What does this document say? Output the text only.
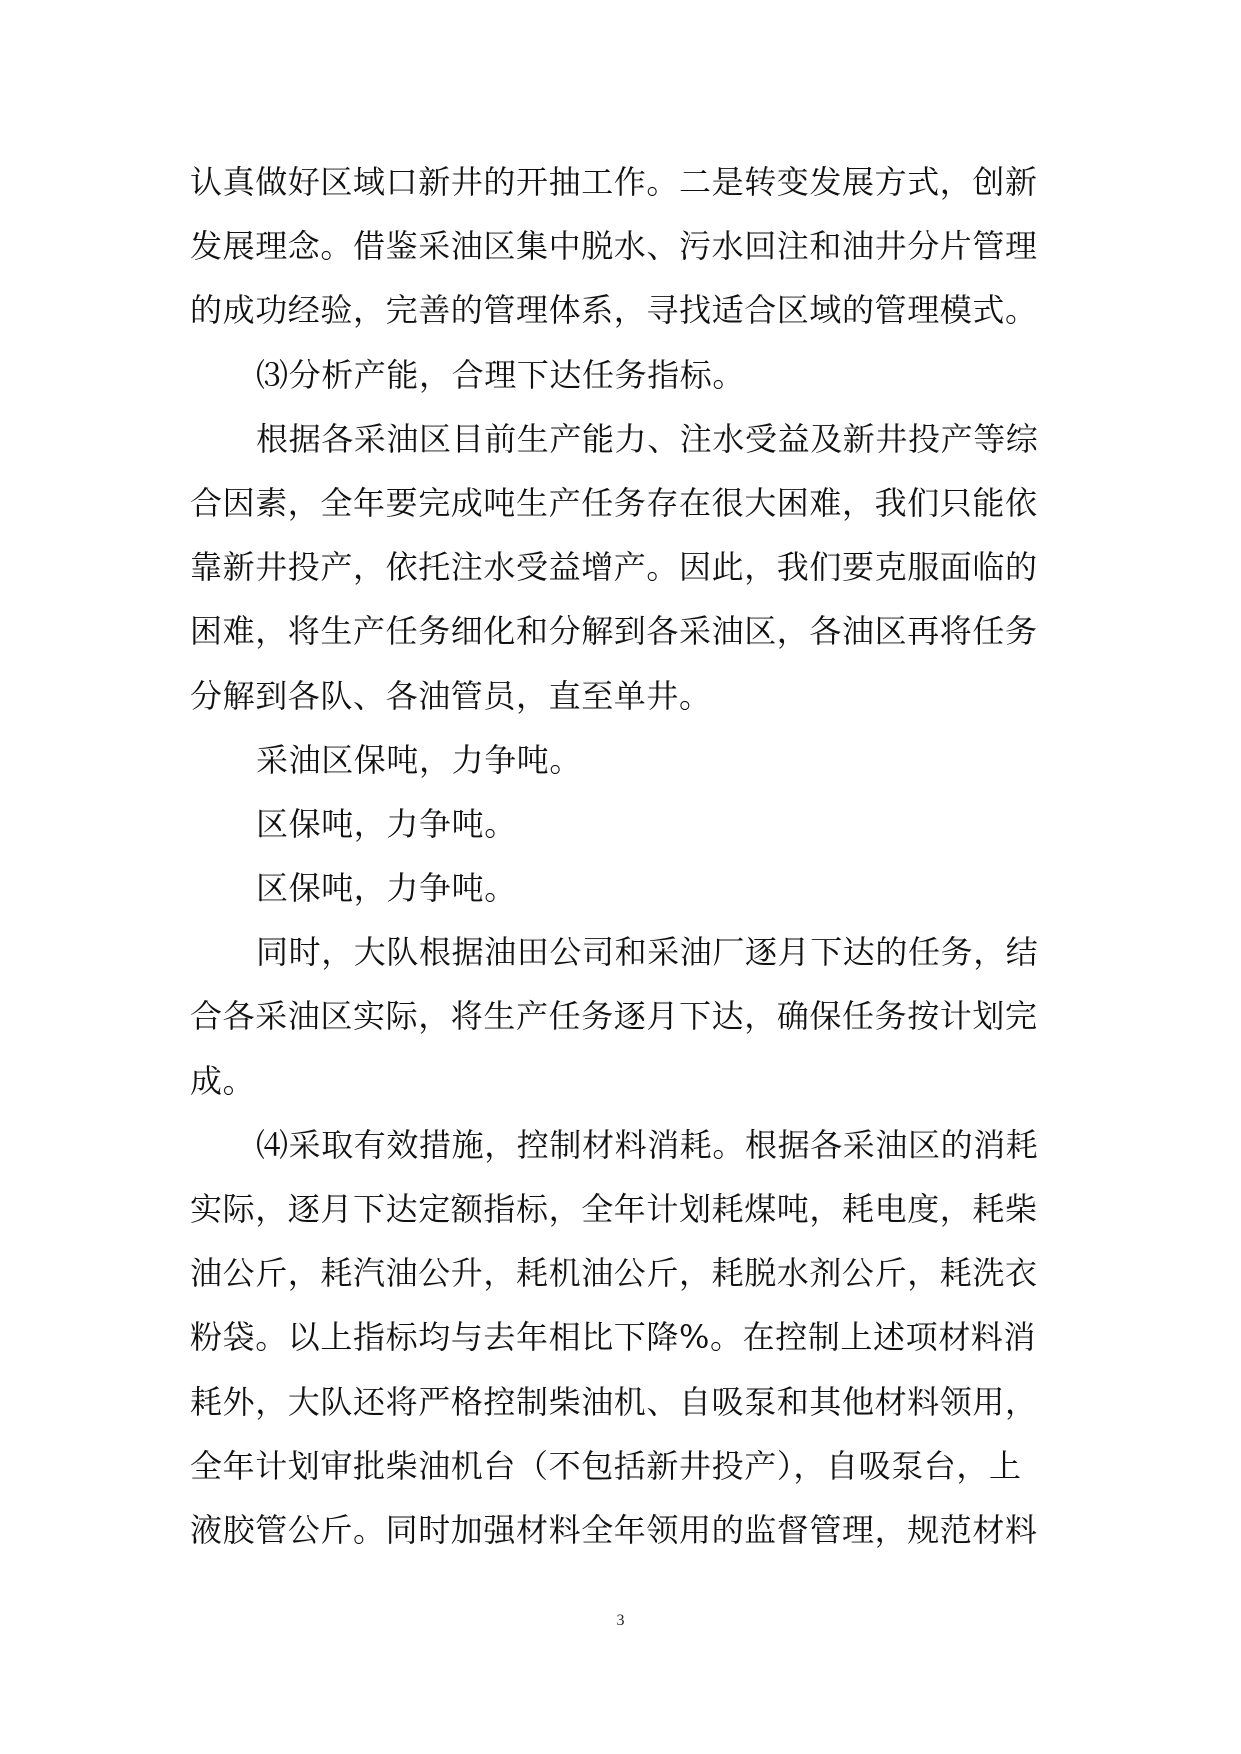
认真做好区域口新井的开抽工作。二是转变发展方式，创新
发展理念。借鉴采油区集中脱水、污水回注和油井分片管理
的成功经验，完善的管理体系，寻找适合区域的管理模式。
⑶分析产能，合理下达任务指标。
根据各采油区目前生产能力、注水受益及新井投产等综
合因素，全年要完成吨生产任务存在很大困难，我们只能依
靠新井投产，依托注水受益增产。因此，我们要克服面临的
困难，将生产任务细化和分解到各采油区，各油区再将任务
分解到各队、各油管员，直至单井。
采油区保吨，力争吨。
区保吨，力争吨。
区保吨，力争吨。
同时，大队根据油田公司和采油厂逐月下达的任务，结
合各采油区实际，将生产任务逐月下达，确保任务按计划完
成。
⑷采取有效措施，控制材料消耗。根据各采油区的消耗
实际，逐月下达定额指标，全年计划耗煤吨，耗电度，耗柴
油公斤，耗汽油公升，耗机油公斤，耗脱水剂公斤，耗洗衣
粉袋。以上指标均与去年相比下降%。在控制上述项材料消
耗外，大队还将严格控制柴油机、自吸泵和其他材料领用，
全年计划审批柴油机台（不包括新井投产），自吸泵台，上
液胶管公斤。同时加强材料全年领用的监督管理，规范材料
3
